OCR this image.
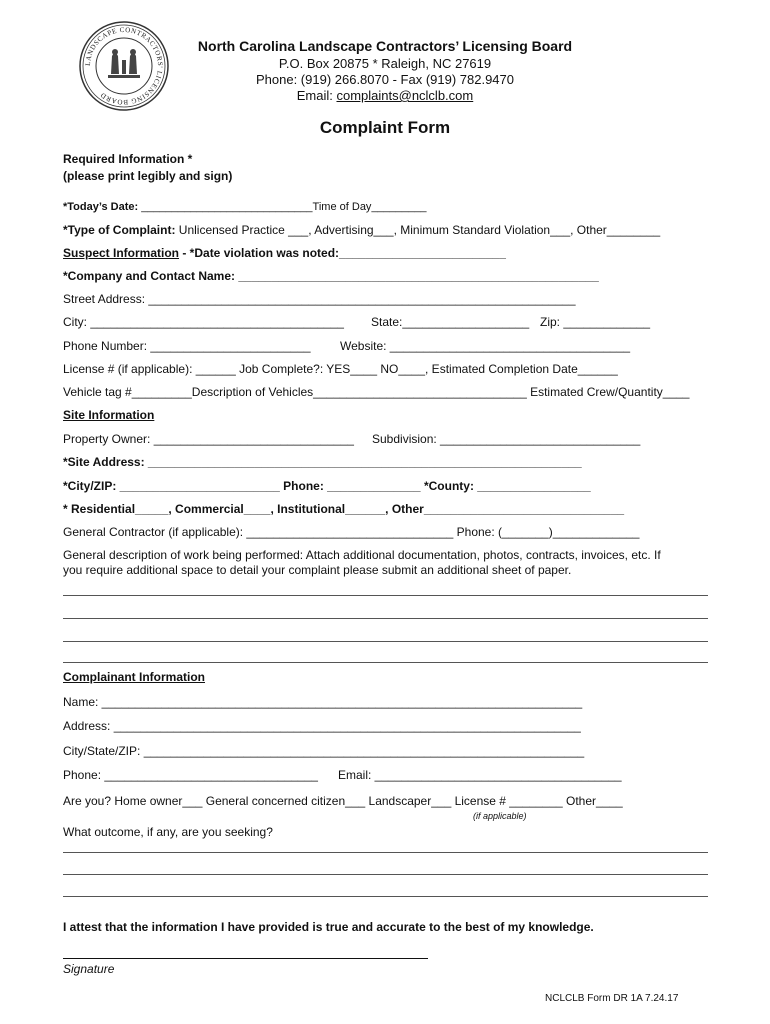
LANDSCAPE CONTRACTORS' LICENSING BOARD
North Carolina Landscape Contractors’ Licensing Board
P.O. Box 20875 * Raleigh, NC 27619
Phone: (919) 266.8070 - Fax (919) 782.9470
Email: complaints@nclclb.com
Complaint Form
Required Information *
(please print legibly and sign)
*Today’s Date: ____________________________Time of Day_________
*Type of Complaint: Unlicensed Practice ___, Advertising___, Minimum Standard Violation___, Other________
Suspect Information - *Date violation was noted:_________________________
*Company and Contact Name: ______________________________________________________
Street Address: ________________________________________________________________
City: ______________________________________ State:___________________ Zip: _____________
Phone Number: ________________________ Website: ____________________________________
License # (if applicable): ______ Job Complete?: YES____ NO____, Estimated Completion Date______
Vehicle tag #_________Description of Vehicles________________________________ Estimated Crew/Quantity____
Site Information
Property Owner: ______________________________ Subdivision: ______________________________
*Site Address: _________________________________________________________________
*City/ZIP: ________________________ Phone: ______________ *County: _________________
* Residential_____, Commercial____, Institutional______, Other______________________________
General Contractor (if applicable): _______________________________ Phone: (_______)_____________
General description of work being performed: Attach additional documentation, photos, contracts, invoices, etc. If
you require additional space to detail your complaint please submit an additional sheet of paper.
Complainant Information
Name: ________________________________________________________________________
Address: ______________________________________________________________________
City/State/ZIP: __________________________________________________________________
Phone: ________________________________ Email: _____________________________________
Are you? Home owner___ General concerned citizen___ Landscaper___ License # ________ Other____
(if applicable)
What outcome, if any, are you seeking?
I attest that the information I have provided is true and accurate to the best of my knowledge.
Signature
NCLCLB Form DR 1A 7.24.17
